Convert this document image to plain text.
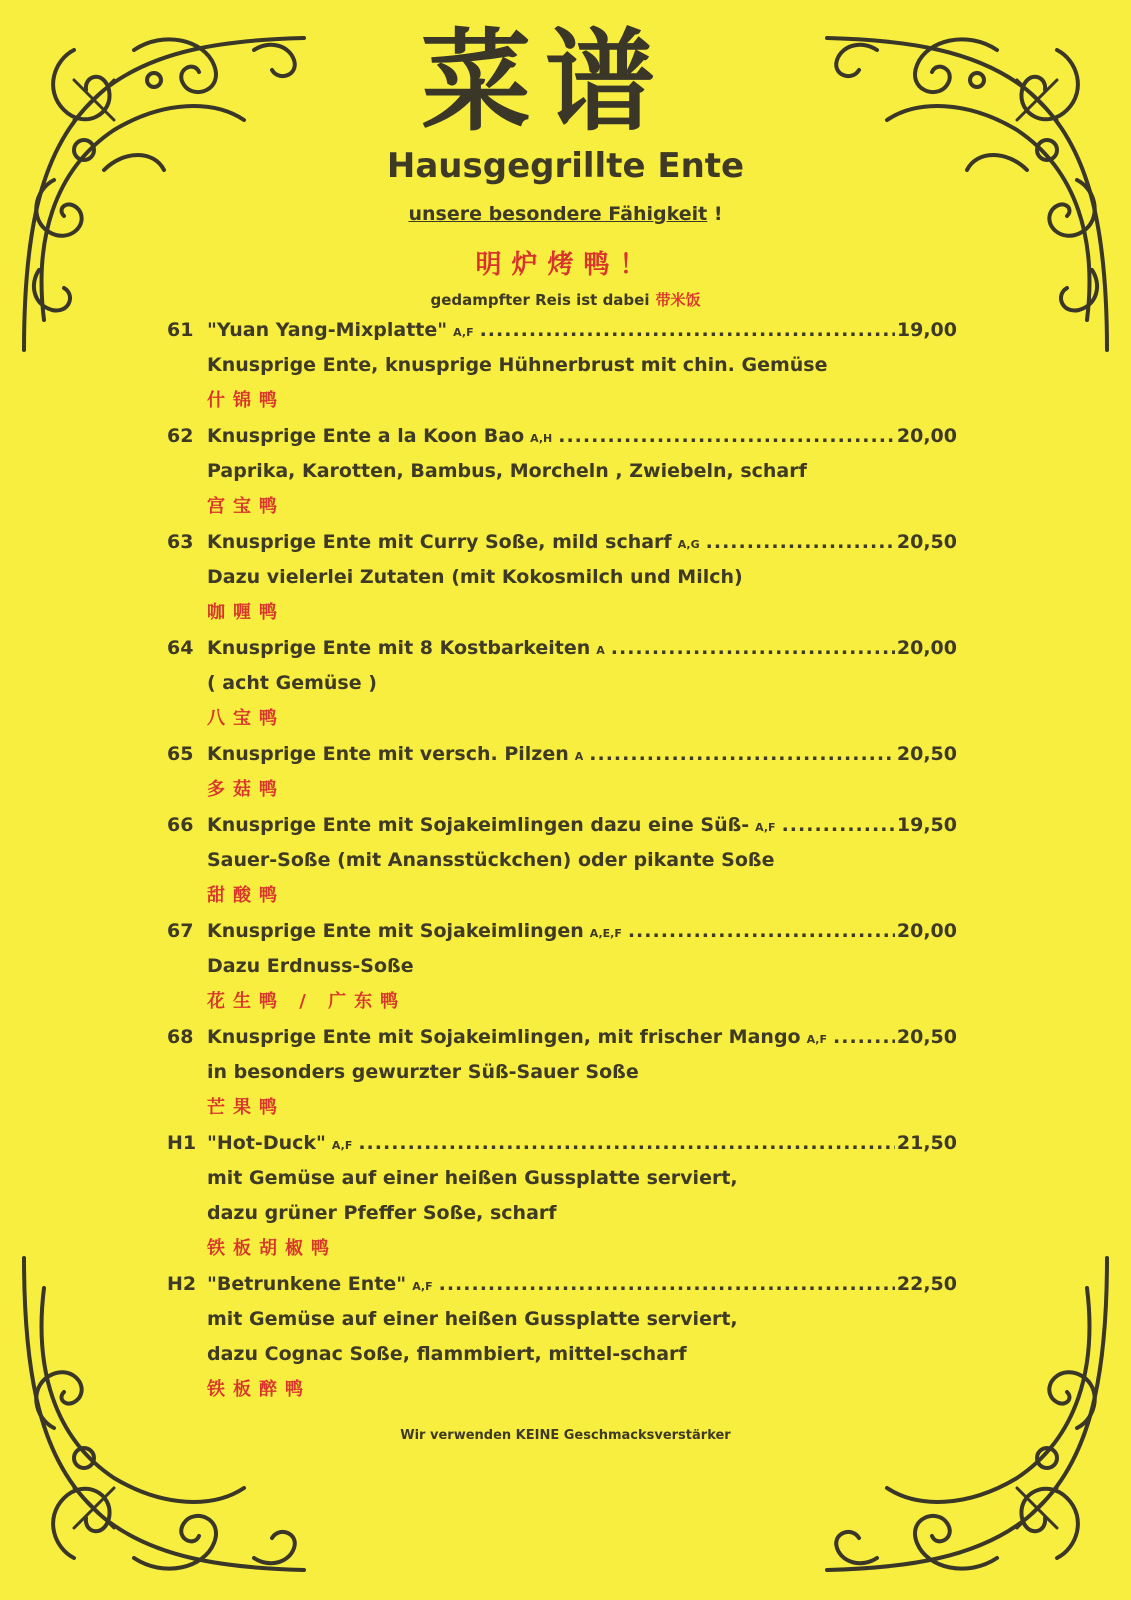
菜谱
Hausgegrillte Ente
unsere besondere Fähigkeit !
明炉烤鸭！
gedampfter Reis ist dabei 带米饭
61 "Yuan Yang-Mixplatte" A,F .....	19,00
Knusprige Ente, knusprige Hühnerbrust mit chin. Gemüse
什锦鸭
62 Knusprige Ente a la Koon Bao A,H .....	20,00
Paprika, Karotten, Bambus, Morcheln , Zwiebeln, scharf
宫宝鸭
63 Knusprige Ente mit Curry Soße, mild scharf A,G .....	20,50
Dazu vielerlei Zutaten (mit Kokosmilch und Milch)
咖喱鸭
64 Knusprige Ente mit 8 Kostbarkeiten A .....	20,00
( acht Gemüse )
八宝鸭
65 Knusprige Ente mit versch. Pilzen A .....	20,50
多菇鸭
66 Knusprige Ente mit Sojakeimlingen dazu eine Süß- A,F .....	19,50
Sauer-Soße (mit Anansstückchen) oder pikante Soße
甜酸鸭
67 Knusprige Ente mit Sojakeimlingen A,E,F .....	20,00
Dazu Erdnuss-Soße
花生鸭 / 广东鸭
68 Knusprige Ente mit Sojakeimlingen, mit frischer Mango A,F .....	20,50
in besonders gewurzter Süß-Sauer Soße
芒果鸭
H1 "Hot-Duck" A,F .....	21,50
mit Gemüse auf einer heißen Gussplatte serviert,
dazu grüner Pfeffer Soße, scharf
铁板胡椒鸭
H2 "Betrunkene Ente" A,F .....	22,50
mit Gemüse auf einer heißen Gussplatte serviert,
dazu Cognac Soße, flammbiert, mittel-scharf
铁板醉鸭
Wir verwenden KEINE Geschmacksverstärker
